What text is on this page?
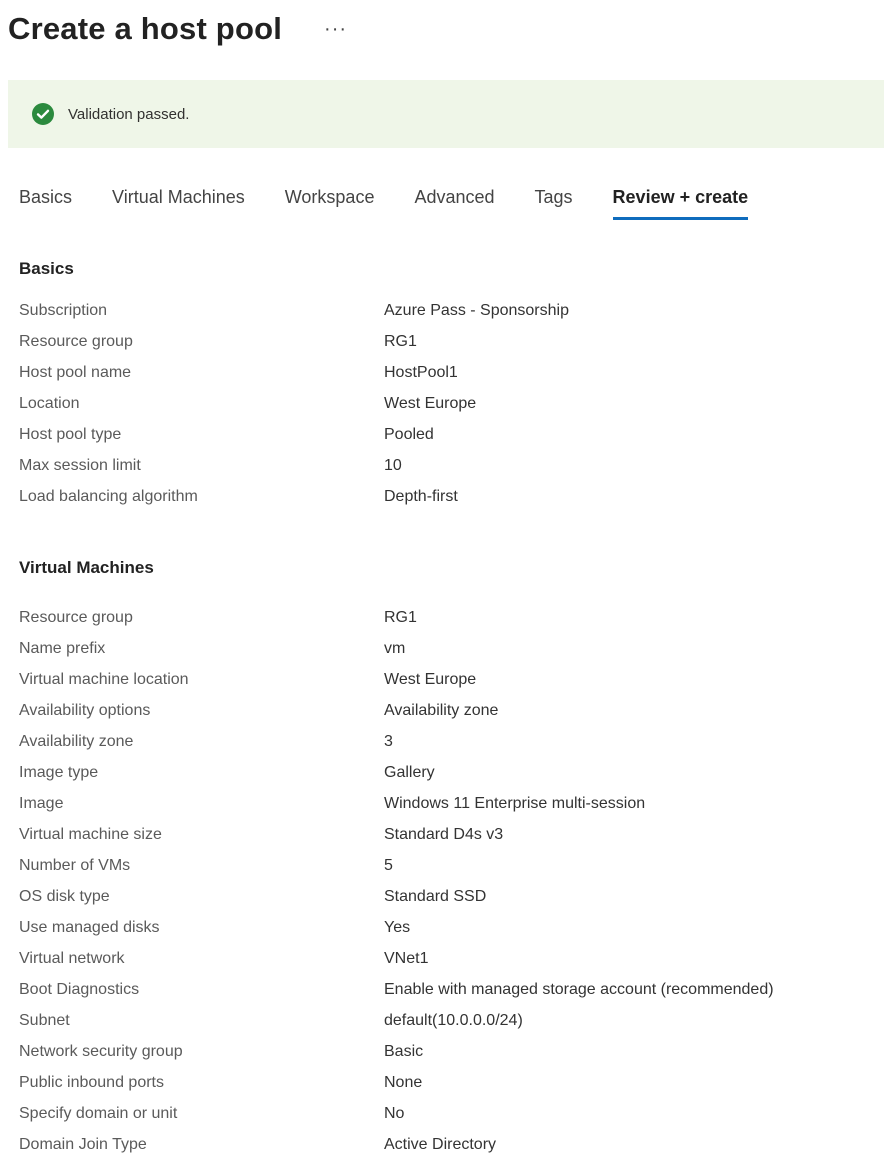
Create a host pool ···
Validation passed.
Basics Virtual Machines Workspace Advanced Tags Review + create
Basics
Subscription	Azure Pass - Sponsorship
Resource group	RG1
Host pool name	HostPool1
Location	West Europe
Host pool type	Pooled
Max session limit	10
Load balancing algorithm	Depth-first
Virtual Machines
Resource group	RG1
Name prefix	vm
Virtual machine location	West Europe
Availability options	Availability zone
Availability zone	3
Image type	Gallery
Image	Windows 11 Enterprise multi-session
Virtual machine size	Standard D4s v3
Number of VMs	5
OS disk type	Standard SSD
Use managed disks	Yes
Virtual network	VNet1
Boot Diagnostics	Enable with managed storage account (recommended)
Subnet	default(10.0.0.0/24)
Network security group	Basic
Public inbound ports	None
Specify domain or unit	No
Domain Join Type	Active Directory
